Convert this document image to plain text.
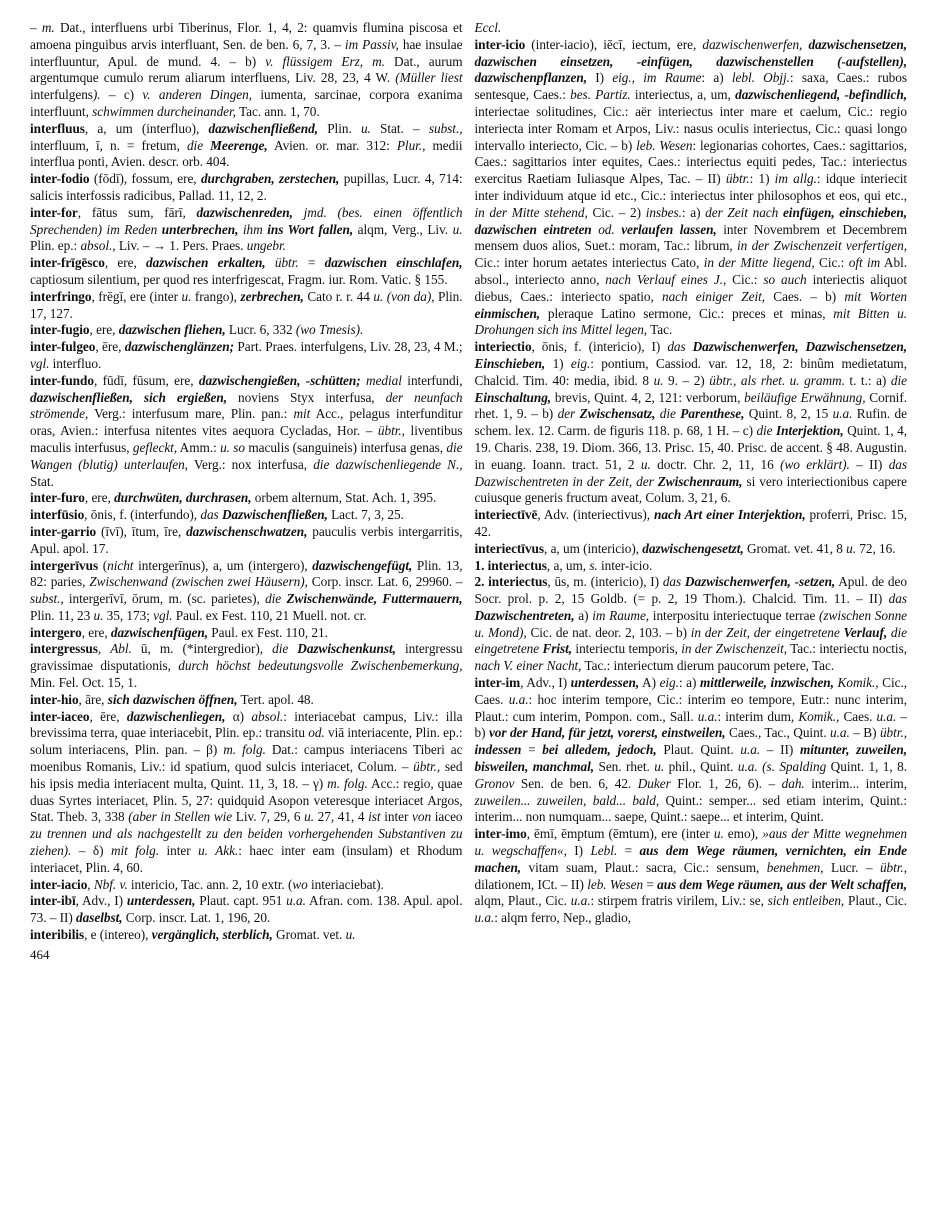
– m. Dat., interfluens urbi Tiberinus, Flor. 1, 4, 2: quamvis flumina piscosa et amoena pinguibus arvis interfluant, Sen. de ben. 6, 7, 3. – im Passiv, hae insulae interfluuntur, Apul. de mund. 4. – b) v. flüssigem Erz, m. Dat., aurum argentumque cumulo rerum aliarum interfluens, Liv. 28, 23, 4 W. (Müller liest interfulgens). – c) v. anderen Dingen, iumenta, sarcinae, corpora exanima interfluunt, schwimmen durcheinander, Tac. ann. 1, 70.

interfluus, a, um (interfluo), dazwischenfließend, Plin. u. Stat. – subst., interfluum, ī, n. = fretum, die Meerenge, Avien. or. mar. 312: Plur., medii interflua ponti, Avien. descr. orb. 404.

inter-fodio (fōdī), fossum, ere, durchgraben, zerstechen, pupillas, Lucr. 4, 714: salicis interfossis radicibus, Pallad. 11, 12, 2.

inter-for, fātus sum, fārī, dazwischenreden, jmd. (bes. einen öffentlich Sprechenden) im Reden unterbrechen, ihm ins Wort fallen, alqm, Verg., Liv. u. Plin. ep.: absol., Liv. – → 1. Pers. Praes. ungebr.

inter-frīgēsco, ere, dazwischen erkalten, übtr. = dazwischen einschlafen, captiosum silentium, per quod res interfrigescat, Fragm. iur. Rom. Vatic. § 155.

interfringo, frēgī, ere (inter u. frango), zerbrechen, Cato r. r. 44 u. (von da), Plin. 17, 127.

inter-fugio, ere, dazwischen fliehen, Lucr. 6, 332 (wo Tmesis).

inter-fulgeo, ēre, dazwischenglänzen; Part. Praes. interfulgens, Liv. 28, 23, 4 M.; vgl. interfluo.

inter-fundo, fūdī, fūsum, ere, dazwischengießen, -schütten; medial interfundi, dazwischenfließen, sich ergießen, noviens Styx interfusa, der neunfach strömende, Verg.: interfusum mare, Plin. pan.: mit Acc., pelagus interfunditur oras, Avien.: interfusa nitentes vites aequora Cycladas, Hor. – übtr., liventibus maculis interfusus, gefleckt, Amm.: u. so maculis (sanguineis) interfusa genas, die Wangen (blutig) unterlaufen, Verg.: nox interfusa, die dazwischenliegende N., Stat.

inter-furo, ere, durchwüten, durchrasen, orbem alternum, Stat. Ach. 1, 395.

interfūsio, ōnis, f. (interfundo), das Dazwischenfließen, Lact. 7, 3, 25.

inter-garrio (īvī), ītum, īre, dazwischenschwatzen, pauculis verbis intergarritis, Apul. apol. 17.

intergerīvus (nicht intergerīnus), a, um (intergero), dazwischengefügt, Plin. 13, 82: paries, Zwischenwand (zwischen zwei Häusern), Corp. inscr. Lat. 6, 29960. – subst., intergerīvī, ōrum, m. (sc. parietes), die Zwischenwände, Futtermauern, Plin. 11, 23 u. 35, 173; vgl. Paul. ex Fest. 110, 21 Muell. not. cr.

intergero, ere, dazwischenfügen, Paul. ex Fest. 110, 21.

intergressus, Abl. ū, m. (*intergredior), die Dazwischenkunst, intergressu gravissimae disputationis, durch höchst bedeutungsvolle Zwischenbemerkung, Min. Fel. Oct. 15, 1.

inter-hio, āre, sich dazwischen öffnen, Tert. apol. 48.

inter-iaceo, ēre, dazwischenliegen, α) absol.: interiacebat campus, Liv.: illa brevissima terra, quae interiacebit, Plin. ep.: transitu od. viā interiacente, Plin. ep.: solum interiacens, Plin. pan. – β) m. folg. Dat.: campus interiacens Tiberi ac moenibus Romanis, Liv.: id spatium, quod sulcis interiacet, Colum. – übtr., sed his ipsis media interiacent multa, Quint. 11, 3, 18. – γ) m. folg. Acc.: regio, quae duas Syrtes interiacet, Plin. 5, 27: quidquid Asopon veteresque interiacet Argos, Stat. Theb. 3, 338 (aber in Stellen wie Liv. 7, 29, 6 u. 27, 41, 4 ist inter von iaceo zu trennen und als nachgestellt zu den beiden vorhergehenden Substantiven zu ziehen). – δ) mit folg. inter u. Akk.: haec inter eam (insulam) et Rhodum interiacet, Plin. 4, 60.

inter-iacio, Nbf. v. intericio, Tac. ann. 2, 10 extr. (wo interiaciebat).

inter-ibī, Adv., I) unterdessen, Plaut. capt. 951 u.a. Afran. com. 138. Apul. apol. 73. – II) daselbst, Corp. inscr. Lat. 1, 196, 20.

interibilis, e (intereo), vergänglich, sterblich, Gromat. vet. u.

Eccl.

inter-icio (inter-iacio), iēcī, iectum, ere, dazwischenwerfen, dazwischensetzen, dazwischen einsetzen, -einfügen, dazwischenstellen (-aufstellen), dazwischenpflanzen, I) eig., im Raume: a) lebl. Objj.: saxa, Caes.: rubos sentesque, Caes.: bes. Partiz. interiectus, a, um, dazwischenliegend, -befindlich, interiectae solitudines, Cic.: aër interiectus inter mare et caelum, Cic.: regio interiecta inter Romam et Arpos, Liv.: nasus oculis interiectus, Cic.: quasi longo intervallo interiecto, Cic. – b) leb. Wesen: legionarias cohortes, Caes.: sagittarios, Caes.: sagittarios inter equites, Caes.: interiectus equiti pedes, Tac.: interiectus exercitus Raetiam Iuliasque Alpes, Tac. – II) übtr.: 1) im allg.: idque interiecit inter individuum atque id etc., Cic.: interiectus inter philosophos et eos, qui etc., in der Mitte stehend, Cic. – 2) insbes.: a) der Zeit nach einfügen, einschieben, dazwischen eintreten od. verlaufen lassen, inter Novembrem et Decembrem mensem duos alios, Suet.: moram, Tac.: librum, in der Zwischenzeit verfertigen, Cic.: inter horum aetates interiectus Cato, in der Mitte liegend, Cic.: oft im Abl. absol., interiecto anno, nach Verlauf eines J., Cic.: so auch interiectis aliquot diebus, Caes.: interiecto spatio, nach einiger Zeit, Caes. – b) mit Worten einmischen, pleraque Latino sermone, Cic.: preces et minas, mit Bitten u. Drohungen sich ins Mittel legen, Tac.

interiectio, ōnis, f. (intericio), I) das Dazwischenwerfen, Dazwischensetzen, Einschieben, 1) eig.: pontium, Cassiod. var. 12, 18, 2: binûm medietatum, Chalcid. Tim. 40: media, ibid. 8 u. 9. – 2) übtr., als rhet. u. gramm. t. t.: a) die Einschaltung, brevis, Quint. 4, 2, 121: verborum, beiläufige Erwähnung, Cornif. rhet. 1, 9. – b) der Zwischensatz, die Parenthese, Quint. 8, 2, 15 u.a. Rufin. de schem. lex. 12. Carm. de figuris 118. p. 68, 1 H. – c) die Interjektion, Quint. 1, 4, 19. Charis. 238, 19. Diom. 366, 13. Prisc. 15, 40. Prisc. de accent. § 48. Augustin. in euang. Ioann. tract. 51, 2 u. doctr. Chr. 2, 11, 16 (wo erklärt). – II) das Dazwischentreten in der Zeit, der Zwischenraum, si vero interiectionibus capere cuiusque generis fructum aveat, Colum. 3, 21, 6.

interiectīvē, Adv. (interiectivus), nach Art einer Interjektion, proferri, Prisc. 15, 42.

interiectīvus, a, um (intericio), dazwischengesetzt, Gromat. vet. 41, 8 u. 72, 16.

1. interiectus, a, um, s. inter-icio.

2. interiectus, ūs, m. (intericio), I) das Dazwischenwerfen, -setzen, Apul. de deo Socr. prol. p. 2, 15 Goldb. (= p. 2, 19 Thom.). Chalcid. Tim. 11. – II) das Dazwischentreten, a) im Raume, interpositu interiectuque terrae (zwischen Sonne u. Mond), Cic. de nat. deor. 2, 103. – b) in der Zeit, der eingetretene Verlauf, die eingetretene Frist, interiectu temporis, in der Zwischenzeit, Tac.: interiectu noctis, nach V. einer Nacht, Tac.: interiectum dierum paucorum petere, Tac.

inter-im, Adv., I) unterdessen, A) eig.: a) mittlerweile, inzwischen, Komik., Cic., Caes. u.a.: hoc interim tempore, Cic.: interim eo tempore, Eutr.: nunc interim, Plaut.: cum interim, Pompon. com., Sall. u.a.: interim dum, Komik., Caes. u.a. – b) vor der Hand, für jetzt, vorerst, einstweilen, Caes., Tac., Quint. u.a. – B) übtr., indessen = bei alledem, jedoch, Plaut. Quint. u.a. – II) mitunter, zuweilen, bisweilen, manchmal, Sen. rhet. u. phil., Quint. u.a. (s. Spalding Quint. 1, 1, 8. Gronov Sen. de ben. 6, 42. Duker Flor. 1, 26, 6). – dah. interim... interim, zuweilen... zuweilen, bald... bald, Quint.: semper... sed etiam interim, Quint.: interim... non numquam... saepe, Quint.: saepe... et interim, Quint.

inter-imo, ēmī, ēmptum (ēmtum), ere (inter u. emo), »aus der Mitte wegnehmen u. wegschaffen«, I) Lebl. = aus dem Wege räumen, vernichten, ein Ende machen, vitam suam, Plaut.: sacra, Cic.: sensum, benehmen, Lucr. – übtr., dilationem, ICt. – II) leb. Wesen = aus dem Wege räumen, aus der Welt schaffen, alqm, Plaut., Cic. u.a.: stirpem fratris virilem, Liv.: se, sich entleiben, Plaut., Cic. u.a.: alqm ferro, Nep., gladio,

464
